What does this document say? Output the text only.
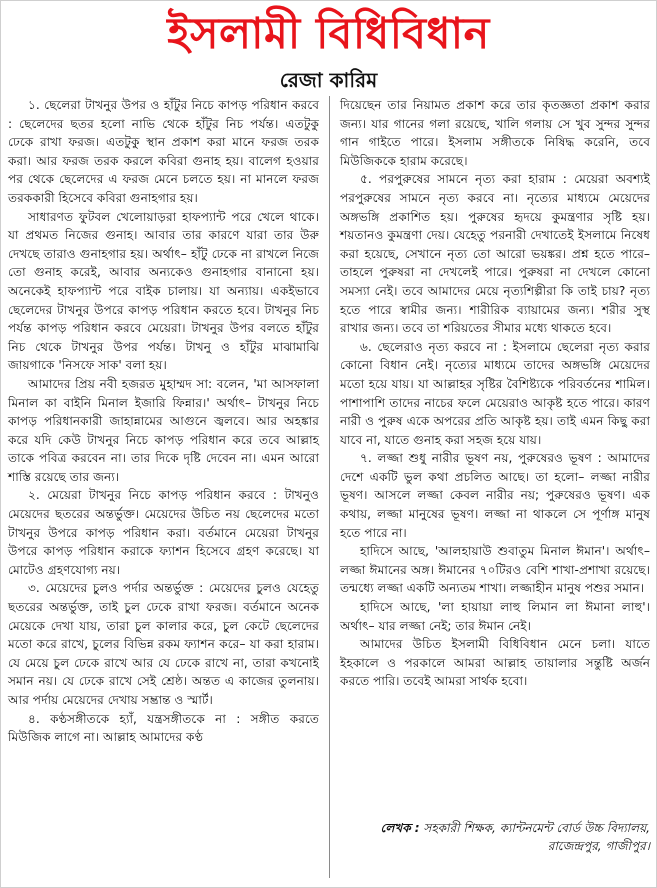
ইসলামী বিধিবিধান
রেজা কারিম

১. ছেলেরা টাখনুর উপর ও হাঁটুর নিচে কাপড় পরিধান করবে : ছেলেদের ছতর হলো নাভি থেকে হাঁটুর নিচ পর্যন্ত। এতটুকু ঢেকে রাখা ফরজ। এতটুকু স্থান প্রকাশ করা মানে ফরজ তরক করা। আর ফরজ তরক করলে কবিরা গুনাহ হয়। বালেগ হওয়ার পর থেকে ছেলেদের এ ফরজ মেনে চলতে হয়। না মানলে ফরজ তরককারী হিসেবে কবিরা গুনাহগার হয়।

সাধারণত ফুটবল খেলোয়াড়রা হাফপ্যান্ট পরে খেলে থাকে। যা প্রথমত নিজের গুনাহ। আবার তার কারণে যারা তার উরু দেখছে তারাও গুনাহগার হয়। অর্থাৎ– হাঁটু ঢেকে না রাখলে নিজে তো গুনাহ করেই, আবার অন্যকেও গুনাহগার বানানো হয়। অনেকেই হাফপ্যান্ট পরে বাইক চালায়। যা অন্যায়। একইভাবে ছেলেদের টাখনুর উপরে কাপড় পরিধান করতে হবে। টাখনুর নিচ পর্যন্ত কাপড় পরিধান করবে মেয়েরা। টাখনুর উপর বলতে হাঁটুর নিচ থেকে টাখনুর উপর পর্যন্ত। টাখনু ও হাঁটুর মাঝামাঝি জায়গাকে 'নিসফে সাক' বলা হয়।

আমাদের প্রিয় নবী হজরত মুহাম্মদ সা: বলেন, 'মা আসফালা মিনাল কা বাইনি মিনাল ইজারি ফিন্নার।' অর্থাৎ– টাখনুর নিচে কাপড় পরিধানকারী জাহান্নামের আগুনে জ্বলবে। আর অহঙ্কার করে যদি কেউ টাখনুর নিচে কাপড় পরিধান করে তবে আল্লাহ তাকে পবিত্র করবেন না। তার দিকে দৃষ্টি দেবেন না। এমন আরো শাস্তি রয়েছে তার জন্য।

২. মেয়েরা টাখনুর নিচে কাপড় পরিধান করবে : টাখনুও মেয়েদের ছতরের অন্তর্ভুক্ত। মেয়েদের উচিত নয় ছেলেদের মতো টাখনুর উপরে কাপড় পরিধান করা। বর্তমানে মেয়েরা টাখনুর উপরে কাপড় পরিধান করাকে ফ্যাশন হিসেবে গ্রহণ করেছে। যা মোটেও গ্রহণযোগ্য নয়।

৩. মেয়েদের চুলও পর্দার অন্তর্ভুক্ত : মেয়েদের চুলও যেহেতু ছতরের অন্তর্ভুক্ত, তাই চুল ঢেকে রাখা ফরজ। বর্তমানে অনেক মেয়েকে দেখা যায়, তারা চুল কালার করে, চুল কেটে ছেলেদের মতো করে রাখে, চুলের বিভিন্ন রকম ফ্যাশন করে– যা করা হারাম। যে মেয়ে চুল ঢেকে রাখে আর যে ঢেকে রাখে না, তারা কখনোই সমান নয়। যে ঢেকে রাখে সেই শ্রেষ্ঠ। অন্তত এ কাজের তুলনায়। আর পর্দায় মেয়েদের দেখায় সম্ভ্রান্ত ও স্মার্ট।

৪. কণ্ঠসঙ্গীতকে হ্যাঁ, যন্ত্রসঙ্গীতকে না : সঙ্গীত করতে মিউজিক লাগে না। আল্লাহ আমাদের কণ্ঠ

দিয়েছেন তার নিয়ামত প্রকাশ করে তার কৃতজ্ঞতা প্রকাশ করার জন্য। যার গানের গলা রয়েছে, খালি গলায় সে খুব সুন্দর সুন্দর গান গাইতে পারে। ইসলাম সঙ্গীতকে নিষিদ্ধ করেনি, তবে মিউজিককে হারাম করেছে।

৫. পরপুরুষের সামনে নৃত্য করা হারাম : মেয়েরা অবশ্যই পরপুরুষের সামনে নৃত্য করবে না। নৃত্যের মাধ্যমে মেয়েদের অঙ্গভঙ্গি প্রকাশিত হয়। পুরুষের হৃদয়ে কুমন্ত্রণার সৃষ্টি হয়। শয়তানও কুমন্ত্রণা দেয়। যেহেতু পরনারী দেখাতেই ইসলামে নিষেধ করা হয়েছে, সেখানে নৃত্য তো আরো ভয়ঙ্কর। প্রশ্ন হতে পারে– তাহলে পুরুষরা না দেখলেই পারে। পুরুষরা না দেখলে কোনো সমস্যা নেই। তবে আমাদের মেয়ে নৃত্যশিল্পীরা কি তাই চায়? নৃত্য হতে পারে স্বামীর জন্য। শারীরিক ব্যায়ামের জন্য। শরীর সুস্থ রাখার জন্য। তবে তা শরিয়তের সীমার মধ্যে থাকতে হবে।

৬. ছেলেরাও নৃত্য করবে না : ইসলামে ছেলেরা নৃত্য করার কোনো বিধান নেই। নৃত্যের মাধ্যমে তাদের অঙ্গভঙ্গি মেয়েদের মতো হয়ে যায়। যা আল্লাহর সৃষ্টির বৈশিষ্ট্যকে পরিবর্তনের শামিল। পাশাপাশি তাদের নাচের ফলে মেয়েরাও আকৃষ্ট হতে পারে। কারণ নারী ও পুরুষ একে অপরের প্রতি আকৃষ্ট হয়। তাই এমন কিছু করা যাবে না, যাতে গুনাহ করা সহজ হয়ে যায়।

৭. লজ্জা শুধু নারীর ভূষণ নয়, পুরুষেরও ভূষণ : আমাদের দেশে একটি ভুল কথা প্রচলিত আছে। তা হলো– লজ্জা নারীর ভূষণ। আসলে লজ্জা কেবল নারীর নয়; পুরুষেরও ভূষণ। এক কথায়, লজ্জা মানুষের ভূষণ। লজ্জা না থাকলে সে পূর্ণাঙ্গ মানুষ হতে পারে না।

হাদিসে আছে, 'আলহায়াউ শুবাতুম মিনাল ঈমান'। অর্থাৎ– লজ্জা ঈমানের অঙ্গ। ঈমানের ৭০টিরও বেশি শাখা-প্রশাখা রয়েছে। তন্মধ্যে লজ্জা একটি অন্যতম শাখা। লজ্জাহীন মানুষ পশুর সমান।

হাদিসে আছে, 'লা হায়ায়া লাহু লিমান লা ঈমানা লাহু'। অর্থাৎ– যার লজ্জা নেই; তার ঈমান নেই।

আমাদের উচিত ইসলামী বিধিবিধান মেনে চলা। যাতে ইহকালে ও পরকালে আমরা আল্লাহ তায়ালার সন্তুষ্টি অর্জন করতে পারি। তবেই আমরা সার্থক হবো।

লেখক : সহকারী শিক্ষক, ক্যান্টনমেন্ট বোর্ড উচ্চ বিদ্যালয়, রাজেন্দ্রপুর, গাজীপুর।
